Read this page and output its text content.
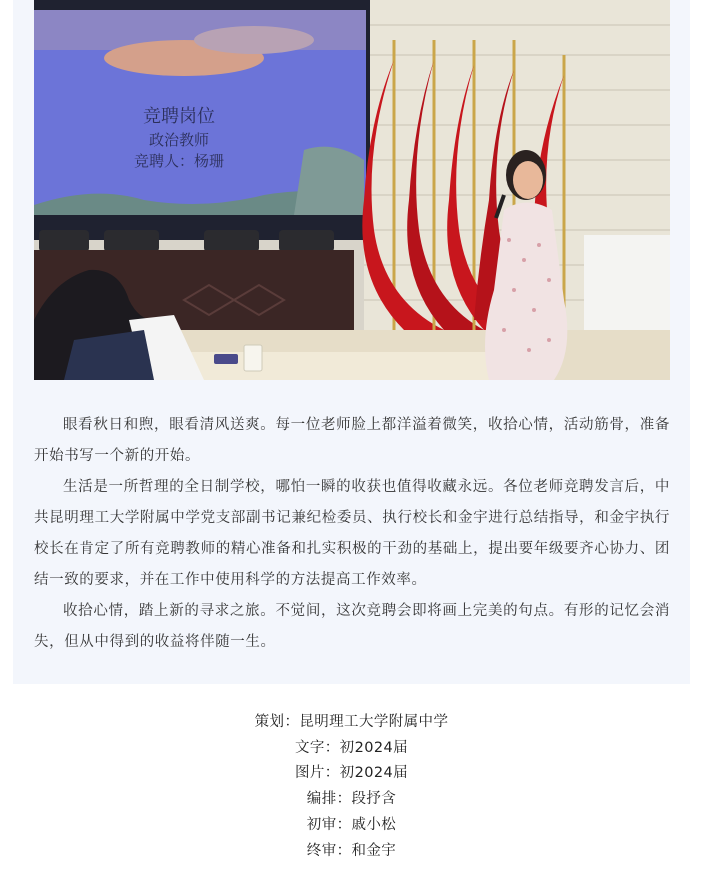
竞聘岗位
政治教师
竞聘人：杨珊

眼看秋日和煦，眼看清风送爽。每一位老师脸上都洋溢着微笑，收拾心情，活动筋骨，准备开始书写一个新的开始。

生活是一所哲理的全日制学校，哪怕一瞬的收获也值得收藏永远。各位老师竞聘发言后，中共昆明理工大学附属中学党支部副书记兼纪检委员、执行校长和金宇进行总结指导，和金宇执行校长在肯定了所有竞聘教师的精心准备和扎实积极的干劲的基础上，提出要年级要齐心协力、团结一致的要求，并在工作中使用科学的方法提高工作效率。

收拾心情，踏上新的寻求之旅。不觉间，这次竞聘会即将画上完美的句点。有形的记忆会消失，但从中得到的收益将伴随一生。

策划：昆明理工大学附属中学
文字：初2024届
图片：初2024届
编排：段抒含
初审：戚小松
终审：和金宇
